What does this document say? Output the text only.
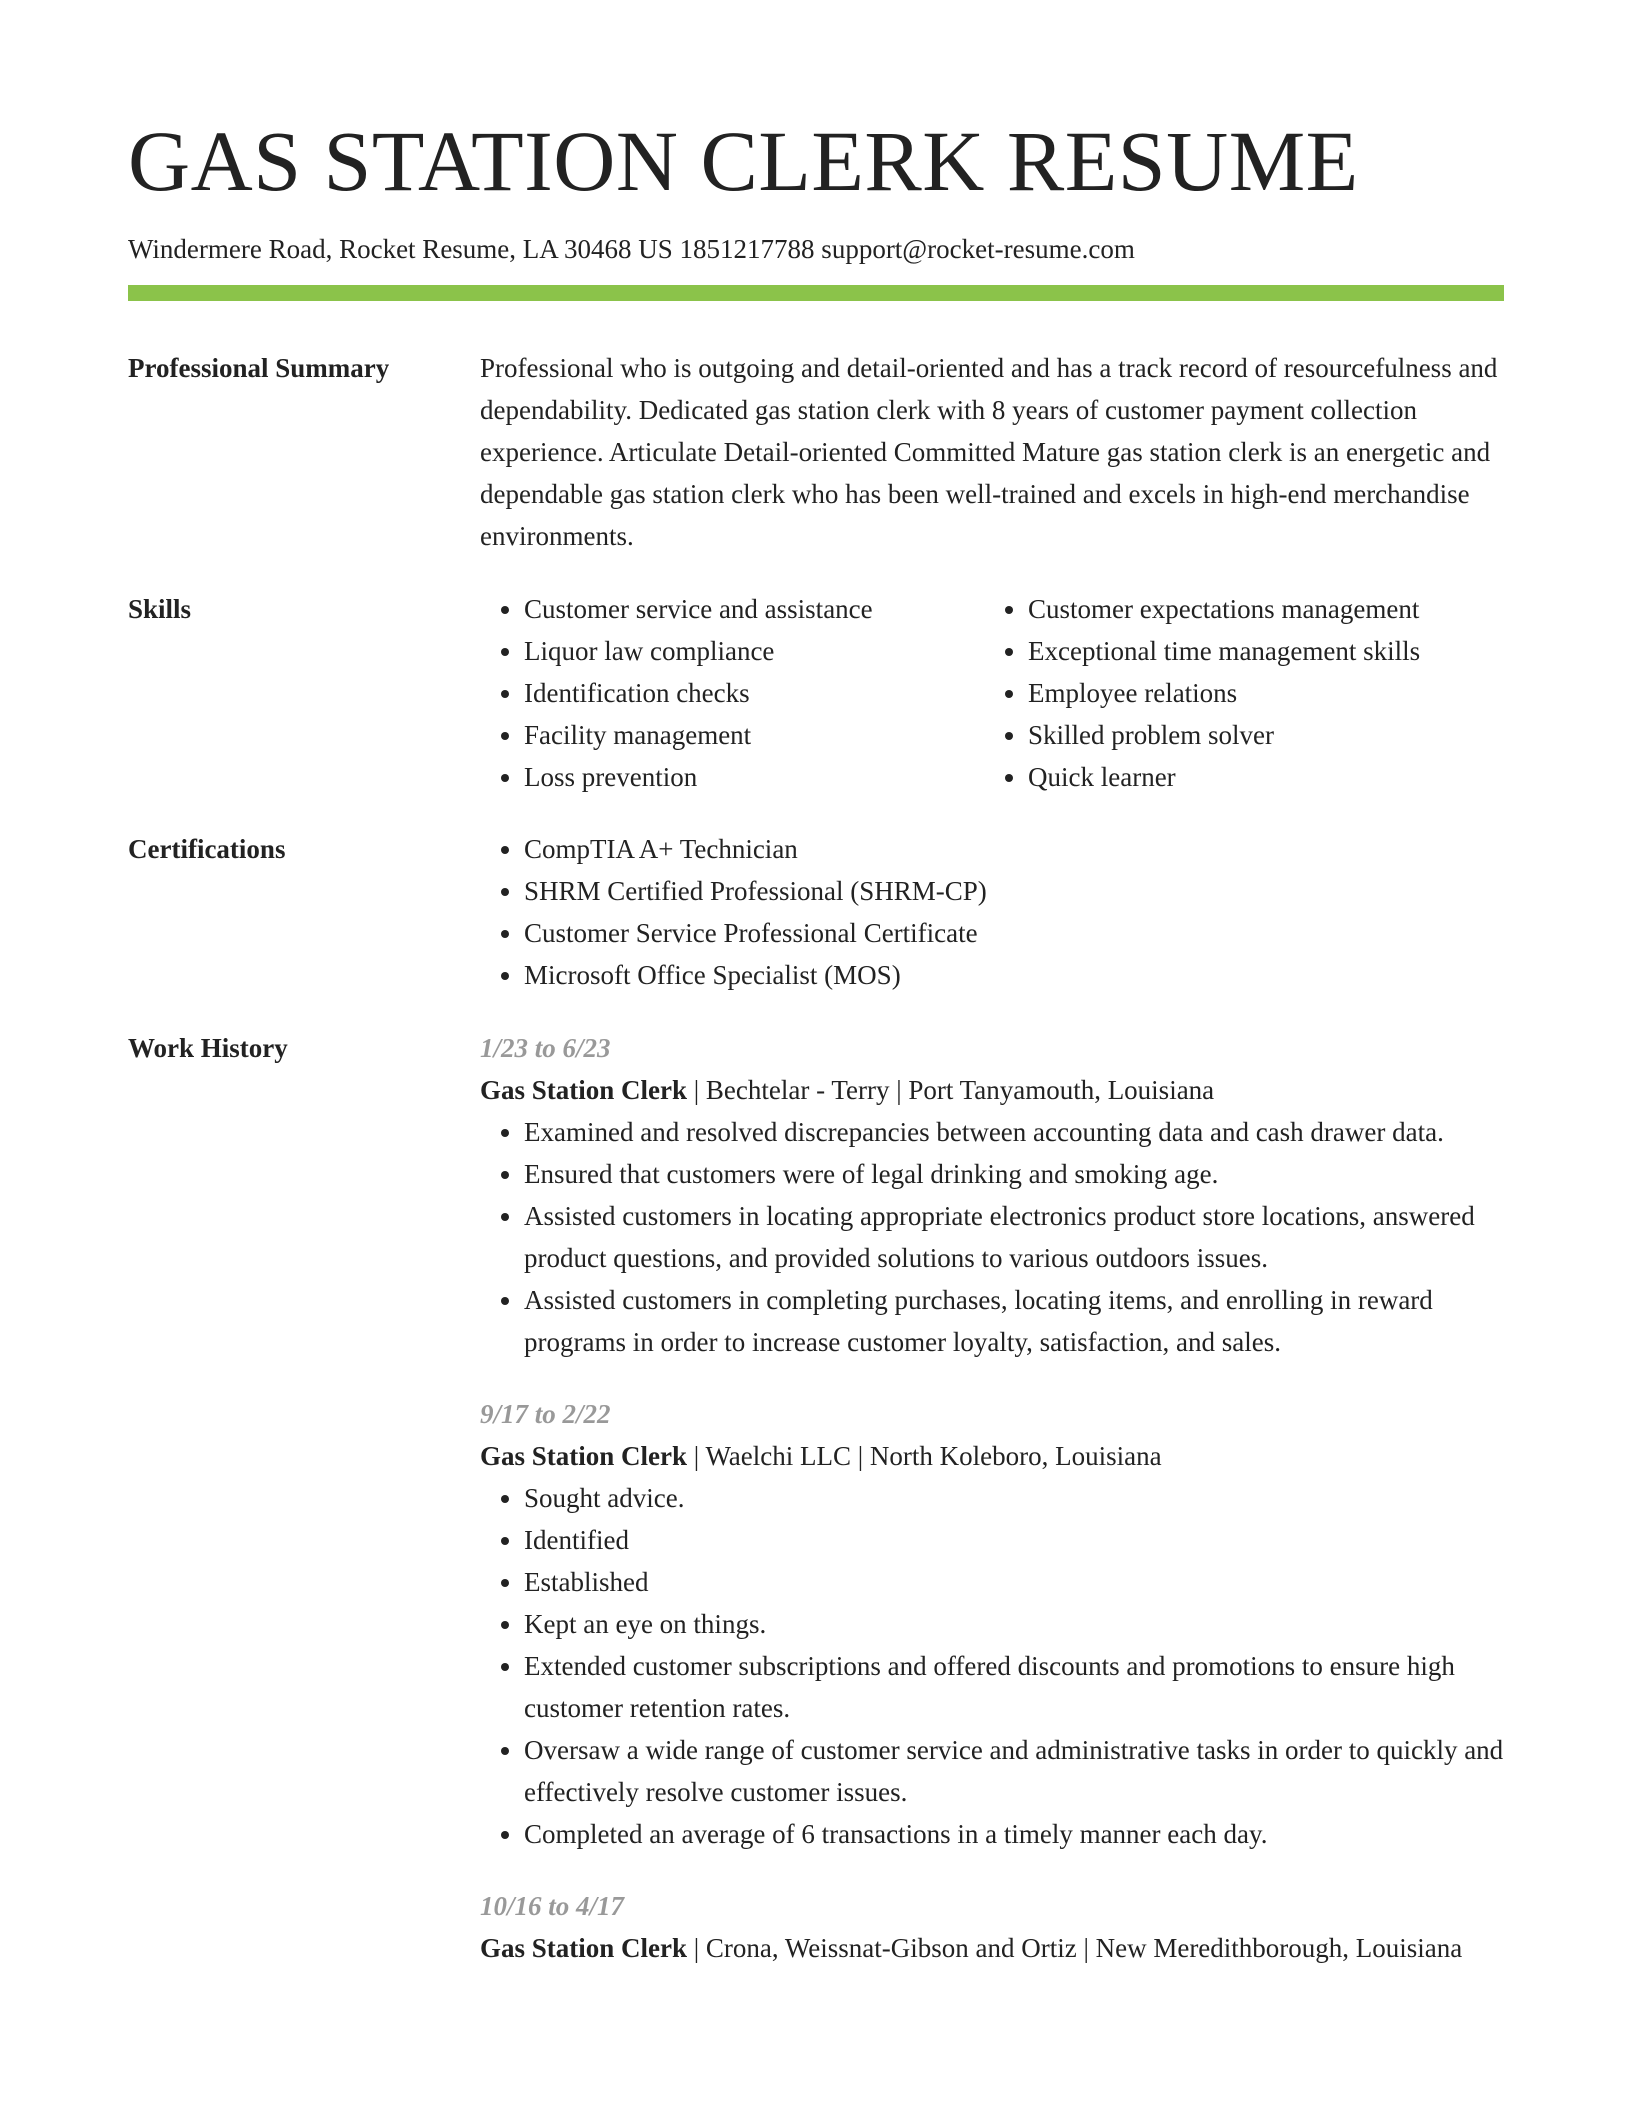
GAS STATION CLERK RESUME
Windermere Road, Rocket Resume, LA 30468 US 1851217788 support@rocket-resume.com
Professional Summary	Professional who is outgoing and detail-oriented and has a track record of resourcefulness and dependability. Dedicated gas station clerk with 8 years of customer payment collection experience. Articulate Detail-oriented Committed Mature gas station clerk is an energetic and dependable gas station clerk who has been well-trained and excels in high-end merchandise environments.

Skills	• Customer service and assistance
• Liquor law compliance
• Identification checks
• Facility management
• Loss prevention
• Customer expectations management
• Exceptional time management skills
• Employee relations
• Skilled problem solver
• Quick learner
Certifications	• CompTIA A+ Technician
• SHRM Certified Professional (SHRM-CP)
• Customer Service Professional Certificate
• Microsoft Office Specialist (MOS)
Work History	1/23 to 6/23
Gas Station Clerk | Bechtelar - Terry | Port Tanyamouth, Louisiana
• Examined and resolved discrepancies between accounting data and cash drawer data.
• Ensured that customers were of legal drinking and smoking age.
• Assisted customers in locating appropriate electronics product store locations, answered product questions, and provided solutions to various outdoors issues.
• Assisted customers in completing purchases, locating items, and enrolling in reward programs in order to increase customer loyalty, satisfaction, and sales.
9/17 to 2/22
Gas Station Clerk | Waelchi LLC | North Koleboro, Louisiana
• Sought advice.
• Identified
• Established
• Kept an eye on things.
• Extended customer subscriptions and offered discounts and promotions to ensure high customer retention rates.
• Oversaw a wide range of customer service and administrative tasks in order to quickly and effectively resolve customer issues.
• Completed an average of 6 transactions in a timely manner each day.
10/16 to 4/17
Gas Station Clerk | Crona, Weissnat-Gibson and Ortiz | New Meredithborough, Louisiana
